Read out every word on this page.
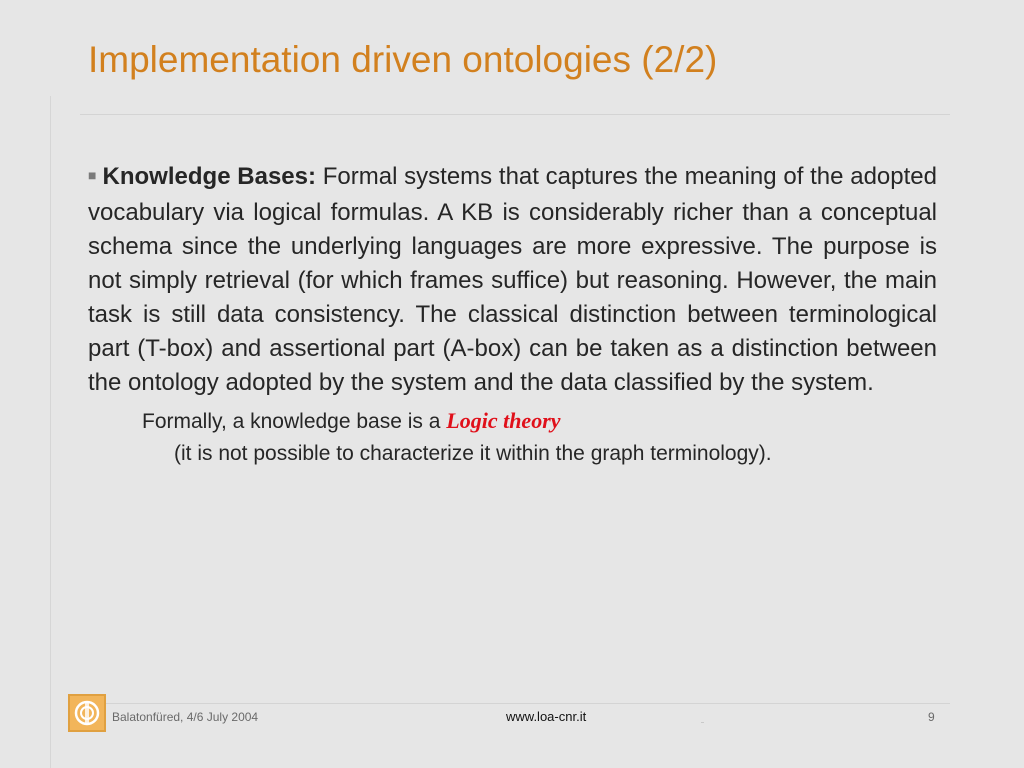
Implementation driven ontologies (2/2)

■ Knowledge Bases: Formal systems that captures the meaning of the adopted vocabulary via logical formulas. A KB is considerably richer than a conceptual schema since the underlying languages are more expressive. The purpose is not simply retrieval (for which frames suffice) but reasoning. However, the main task is still data consistency. The classical distinction between terminological part (T-box) and assertional part (A-box) can be taken as a distinction between the ontology adopted by the system and the data classified by the system.

Formally, a knowledge base is a Logic theory

(it is not possible to characterize it within the graph terminology).

Balatonfüred, 4/6 July 2004	www.loa-cnr.it	9
